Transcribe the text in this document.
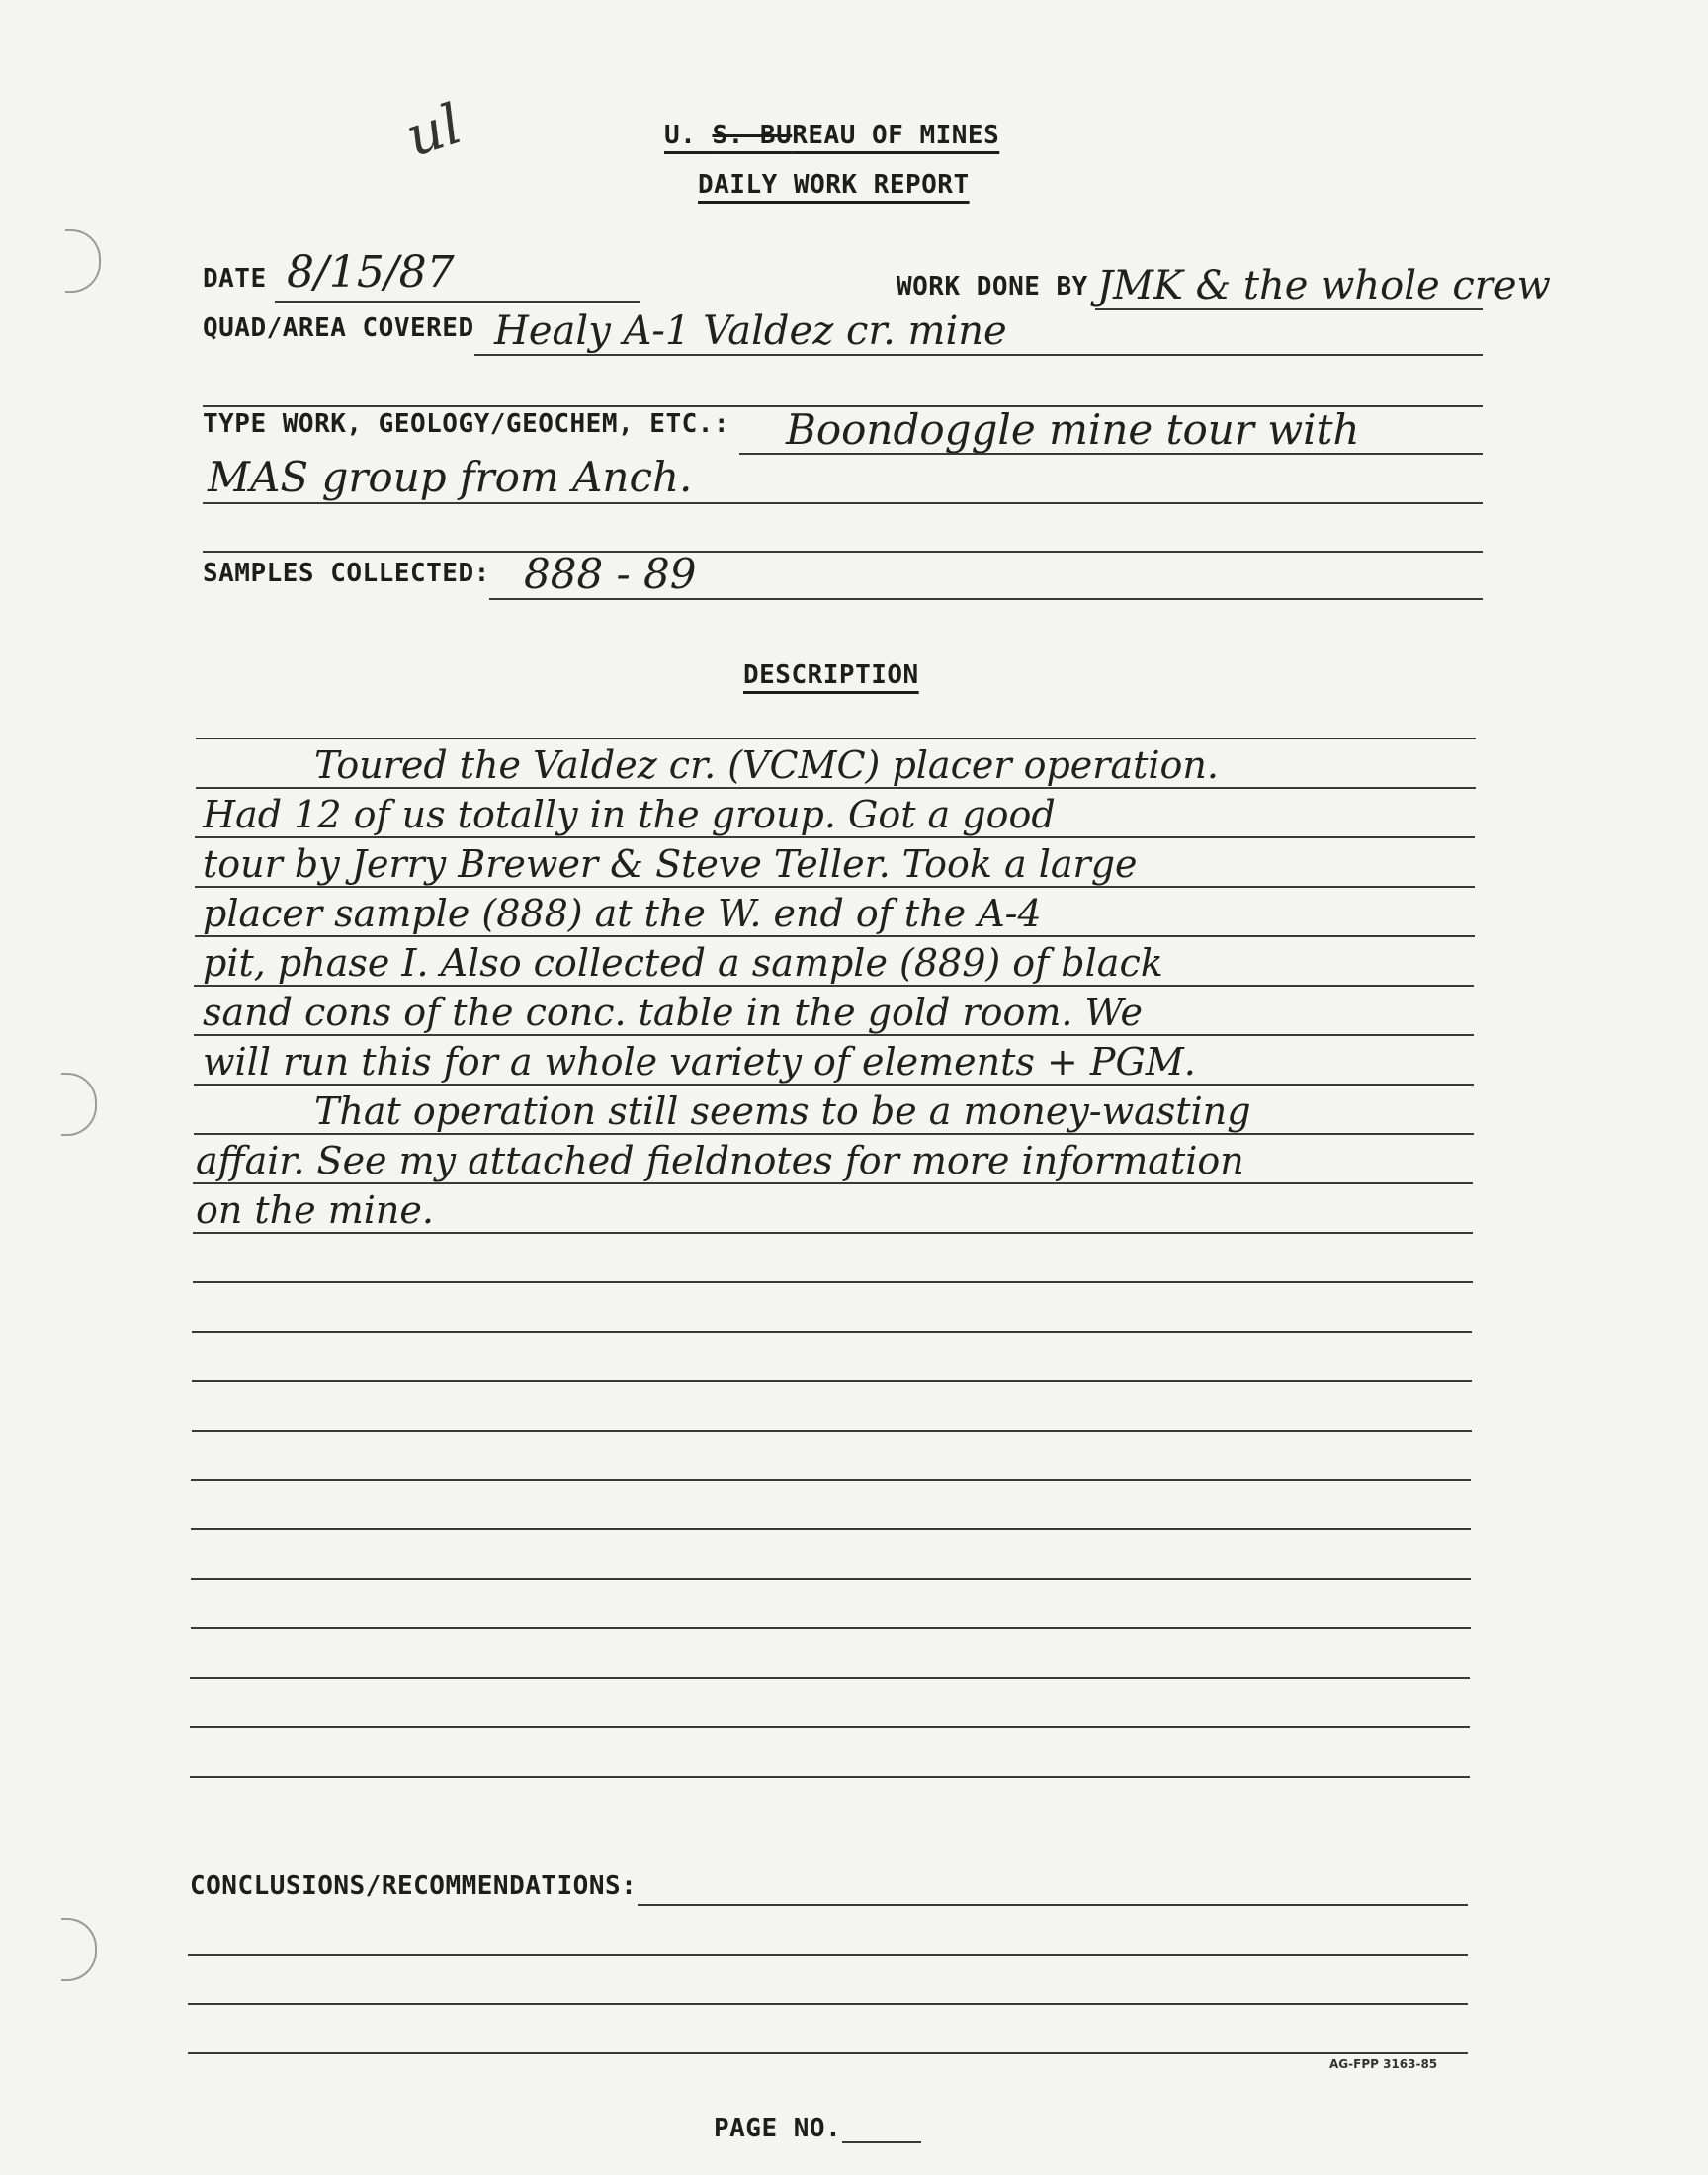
ul	U. S. BUREAU OF MINES
DAILY WORK REPORT
DATE 8/15/87	WORK DONE BY JMK & the whole crew
QUAD/AREA COVERED Healy A-1 Valdez cr. mine
TYPE WORK, GEOLOGY/GEOCHEM, ETC.: Boondoggle mine tour with
MAS group from Anch.
SAMPLES COLLECTED: 888 - 89
DESCRIPTION
Toured the Valdez cr. (VCMC) placer operation.
Had 12 of us totally in the group. Got a good
tour by Jerry Brewer & Steve Teller. Took a large
placer sample (888) at the W. end of the A-4
pit, phase I. Also collected a sample (889) of black
sand cons of the conc. table in the gold room. We
will run this for a whole variety of elements + PGM.
That operation still seems to be a money-wasting
affair. See my attached fieldnotes for more information
on the mine.
CONCLUSIONS/RECOMMENDATIONS:
AG-FPP 3163-85
PAGE NO.
